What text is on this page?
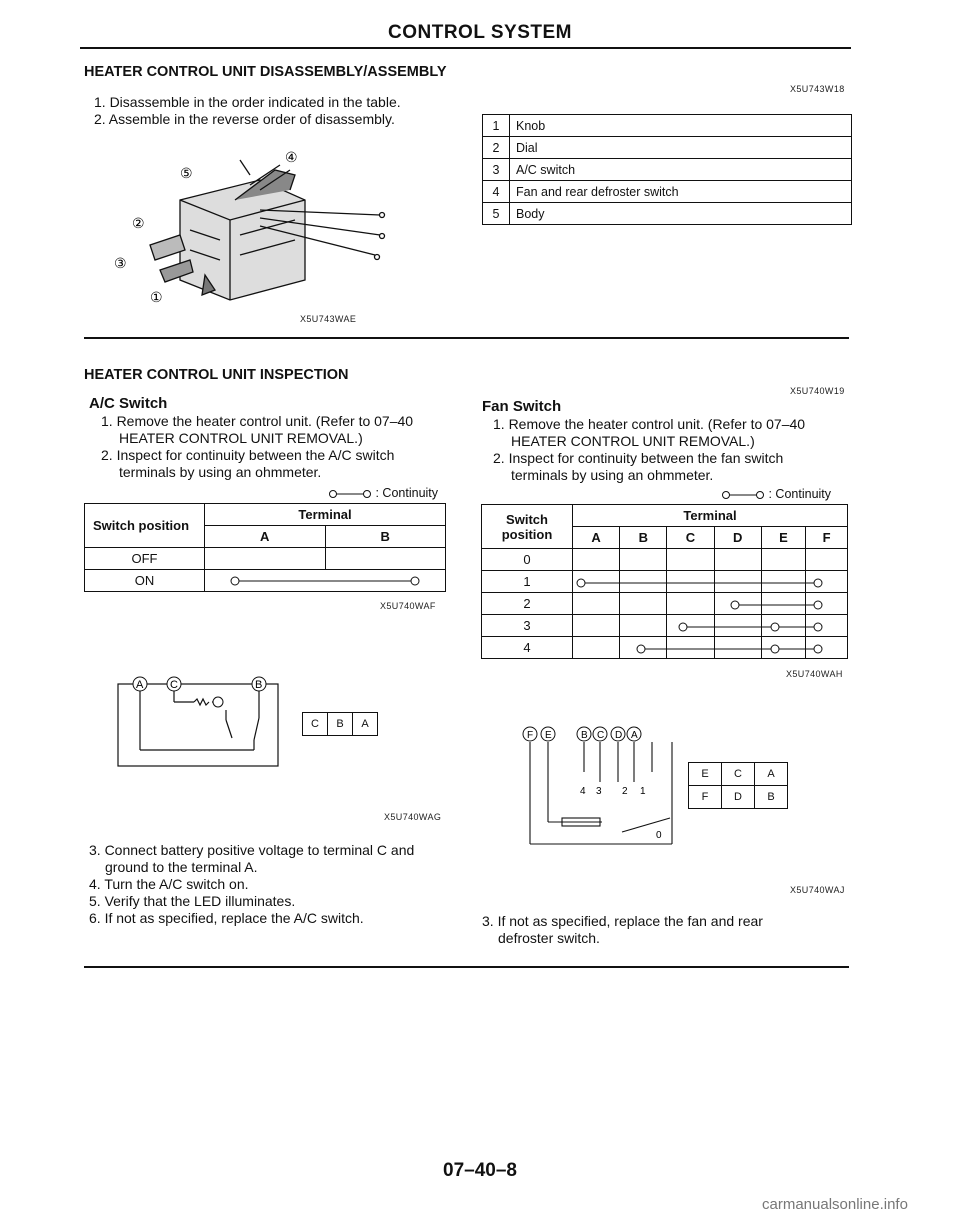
CONTROL SYSTEM
HEATER CONTROL UNIT DISASSEMBLY/ASSEMBLY
X5U743W18
1. Disassemble in the order indicated in the table.
2. Assemble in the reverse order of disassembly.	1	Knob
2	Dial
3	A/C switch
4	Fan and rear defroster switch
5	Body
⑤
④
②
③
①
X5U743WAE
HEATER CONTROL UNIT INSPECTION
X5U740W19
A/C Switch
1. Remove the heater control unit. (Refer to 07–40
HEATER CONTROL UNIT REMOVAL.)
2. Inspect for continuity between the A/C switch
terminals by using an ohmmeter.
: Continuity
Switch position	Terminal	
	A	B
OFF		
ON	
X5U740WAF
A C	B
C	B	A
X5U740WAG
3. Connect battery positive voltage to terminal C and
ground to the terminal A.
4. Turn the A/C switch on.
5. Verify that the LED illuminates.
6. If not as specified, replace the A/C switch.
Fan Switch
1. Remove the heater control unit. (Refer to 07–40
HEATER CONTROL UNIT REMOVAL.)
2. Inspect for continuity between the fan switch
terminals by using an ohmmeter.
: Continuity
Switch position	Terminal					
	A	B	C	D	E	F
0						
1						
2						
3						
4						
X5U740WAH
F E	B C D A
4 3 2 1
0
E	C	A
F	D	B
X5U740WAJ
3. If not as specified, replace the fan and rear
defroster switch.
07–40–8
carmanualsonline.info
